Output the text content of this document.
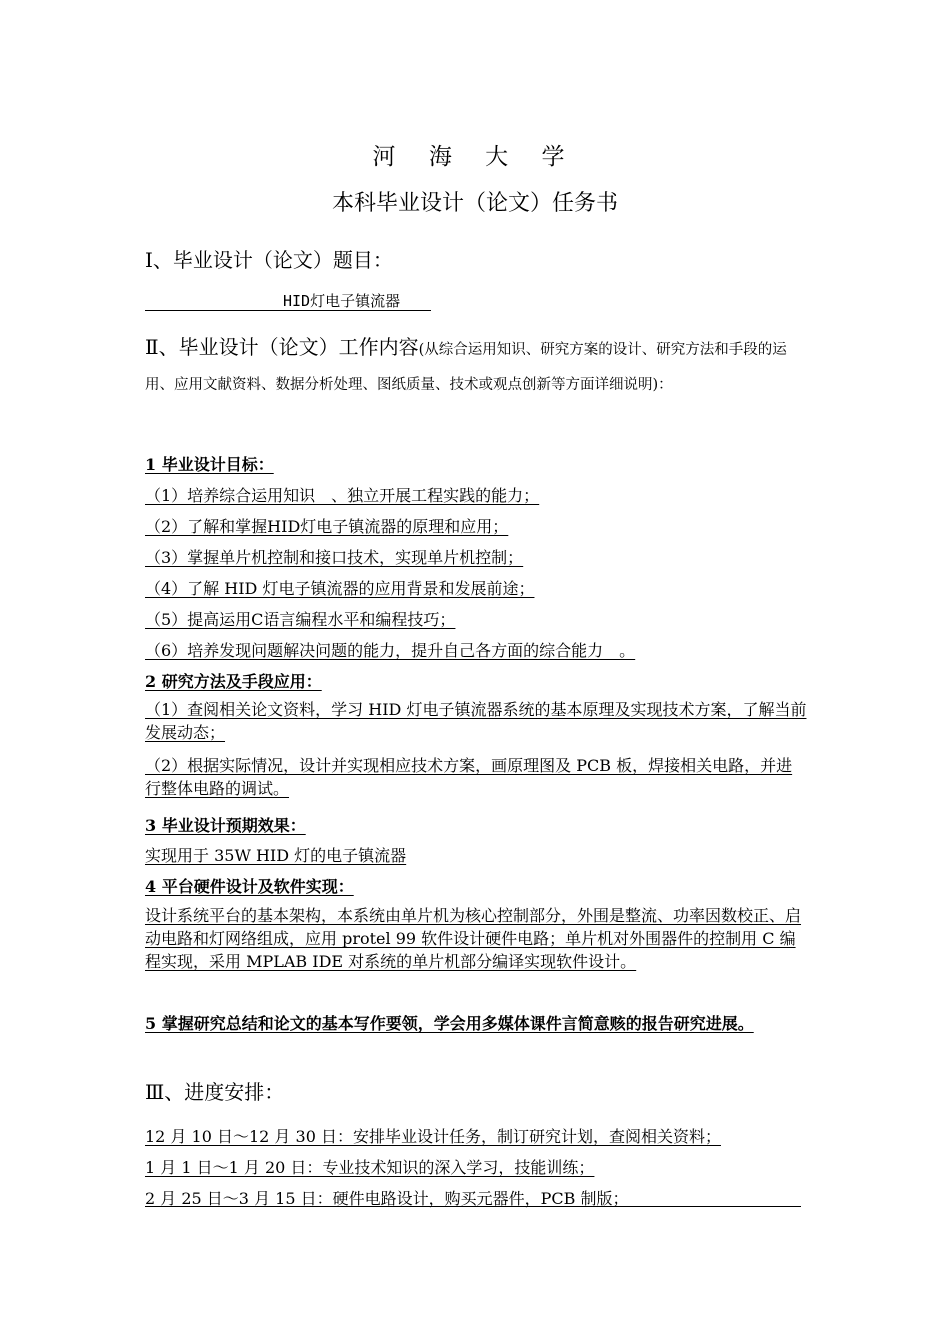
河 海 大 学
本科毕业设计（论文）任务书
Ⅰ、毕业设计（论文）题目：
HID灯电子镇流器
Ⅱ、毕业设计（论文）工作内容(从综合运用知识、研究方案的设计、研究方法和手段的运用、应用文献资料、数据分析处理、图纸质量、技术或观点创新等方面详细说明)：
1 毕业设计目标：
（1）培养综合运用知识　、独立开展工程实践的能力；
（2）了解和掌握HID灯电子镇流器的原理和应用；
（3）掌握单片机控制和接口技术，实现单片机控制；
（4）了解 HID 灯电子镇流器的应用背景和发展前途；
（5）提高运用C语言编程水平和编程技巧；
（6）培养发现问题解决问题的能力，提升自己各方面的综合能力　。
2 研究方法及手段应用：
（1）查阅相关论文资料，学习 HID 灯电子镇流器系统的基本原理及实现技术方案，了解当前发展动态；
（2）根据实际情况，设计并实现相应技术方案，画原理图及 PCB 板，焊接相关电路，并进行整体电路的调试。
3 毕业设计预期效果：
实现用于 35W HID 灯的电子镇流器
4 平台硬件设计及软件实现：
设计系统平台的基本架构，本系统由单片机为核心控制部分，外围是整流、功率因数校正、启动电路和灯网络组成，应用 protel 99 软件设计硬件电路；单片机对外围器件的控制用 C 编程实现，采用 MPLAB IDE 对系统的单片机部分编译实现软件设计。
5 掌握研究总结和论文的基本写作要领，学会用多媒体课件言简意赅的报告研究进展。
Ⅲ、进度安排：
12 月 10 日～12 月 30 日：安排毕业设计任务，制订研究计划，查阅相关资料；
1 月 1 日～1 月 20 日：专业技术知识的深入学习，技能训练；
2 月 25 日～3 月 15 日：硬件电路设计，购买元器件，PCB 制版；
